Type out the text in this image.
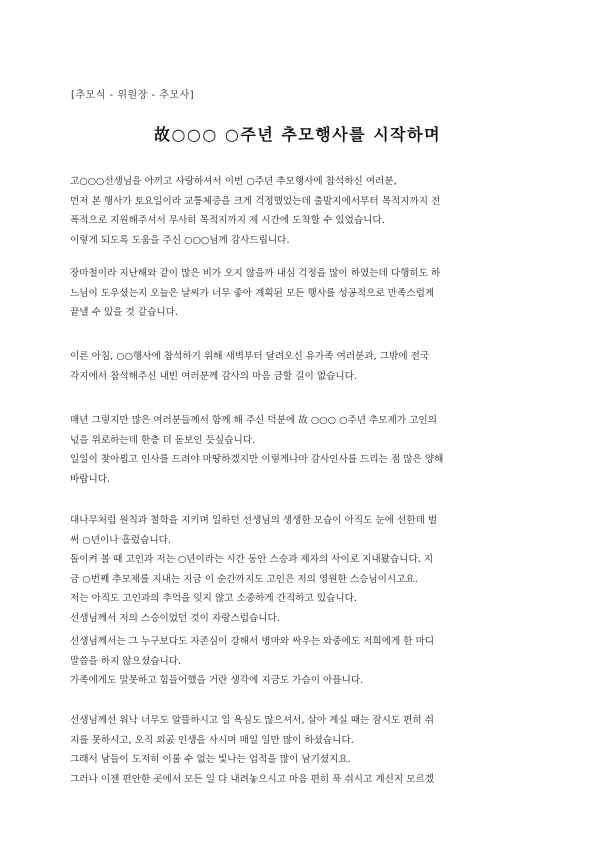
[추모식 - 위원장 - 추모사]
故○○○ ○주년 추모행사를 시작하며
고○○○선생님을 아끼고 사랑하셔서 이번 ○주년 추모행사에 참석하신 여러분,
먼저 본 행사가 토요일이라 교통체증을 크게 걱정했었는데 출발지에서부터 목적지까지 전
폭적으로 지원해주셔서 무사히 목적지까지 제 시간에 도착할 수 있었습니다.
이렇게 되도록 도움을 주신 ○○○님께 감사드립니다.
장마철이라 지난해와 같이 많은 비가 오지 않을까 내심 걱정을 많이 하였는데 다행히도 하
느님이 도우셨는지 오늘은 날씨가 너무 좋아 계획된 모든 행사를 성공적으로 만족스럽게
끝낼 수 있을 것 같습니다.
이른 아침, ○○행사에 참석하기 위해 새벽부터 달려오신 유가족 여러분과, 그밖에 전국
각지에서 참석해주신 내빈 여러분께 감사의 마음 금할 길이 없습니다.
매년 그렇지만 많은 여러분들께서 함께 해 주신 덕분에 故 ○○○ ○주년 추모제가 고인의
넋을 위로하는데 한층 더 돋보인 듯싶습니다.
일일이 찾아뵙고 인사를 드려야 마땅하겠지만 이렇게나마 감사인사를 드리는 점 많은 양해
바랍니다.
대나무처럼 원칙과 철학을 지키며 일하던 선생님의 생생한 모습이 아직도 눈에 선한데 벌
써 ○년이나 흘렀습니다.
돌이켜 볼 때 고인과 저는 ○년이라는 시간 동안 스승과 제자의 사이로 지내왔습니다. 지
금 ○번째 추모제를 지내는 지금 이 순간까지도 고인은 저의 영원한 스승님이시고요.
저는 아직도 고인과의 추억을 잊지 않고 소중하게 간직하고 있습니다.
선생님께서 저의 스승이었던 것이 자랑스럽습니다.
선생님께서는 그 누구보다도 자존심이 강해서 병마와 싸우는 와중에도 저희에게 한 마디
말씀을 하지 않으셨습니다.
가족에게도 말못하고 힘들어했을 거란 생각에 지금도 가슴이 아픕니다.
선생님께선 워낙 너무도 알뜰하시고 일 욕심도 많으셔서, 살아 계실 때는 잠시도 편히 쉬
지를 못하시고, 오직 외곬 인생을 사시며 매일 일만 많이 하셨습니다.
그래서 남들이 도저히 이룰 수 없는 빛나는 업적을 많이 남기셨지요.
그러나 이젠 편안한 곳에서 모든 일 다 내려놓으시고 마음 편히 푹 쉬시고 계신지 모르겠
